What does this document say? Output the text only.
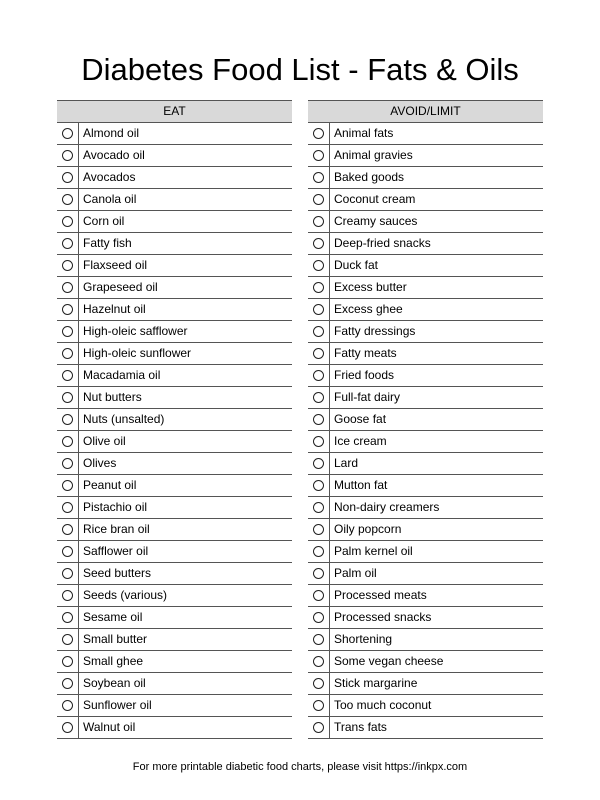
Diabetes Food List - Fats & Oils
EAT
Almond oil
Avocado oil
Avocados
Canola oil
Corn oil
Fatty fish
Flaxseed oil
Grapeseed oil
Hazelnut oil
High-oleic safflower
High-oleic sunflower
Macadamia oil
Nut butters
Nuts (unsalted)
Olive oil
Olives
Peanut oil
Pistachio oil
Rice bran oil
Safflower oil
Seed butters
Seeds (various)
Sesame oil
Small butter
Small ghee
Soybean oil
Sunflower oil
Walnut oil
AVOID/LIMIT
Animal fats
Animal gravies
Baked goods
Coconut cream
Creamy sauces
Deep-fried snacks
Duck fat
Excess butter
Excess ghee
Fatty dressings
Fatty meats
Fried foods
Full-fat dairy
Goose fat
Ice cream
Lard
Mutton fat
Non-dairy creamers
Oily popcorn
Palm kernel oil
Palm oil
Processed meats
Processed snacks
Shortening
Some vegan cheese
Stick margarine
Too much coconut
Trans fats
For more printable diabetic food charts, please visit https://inkpx.com
